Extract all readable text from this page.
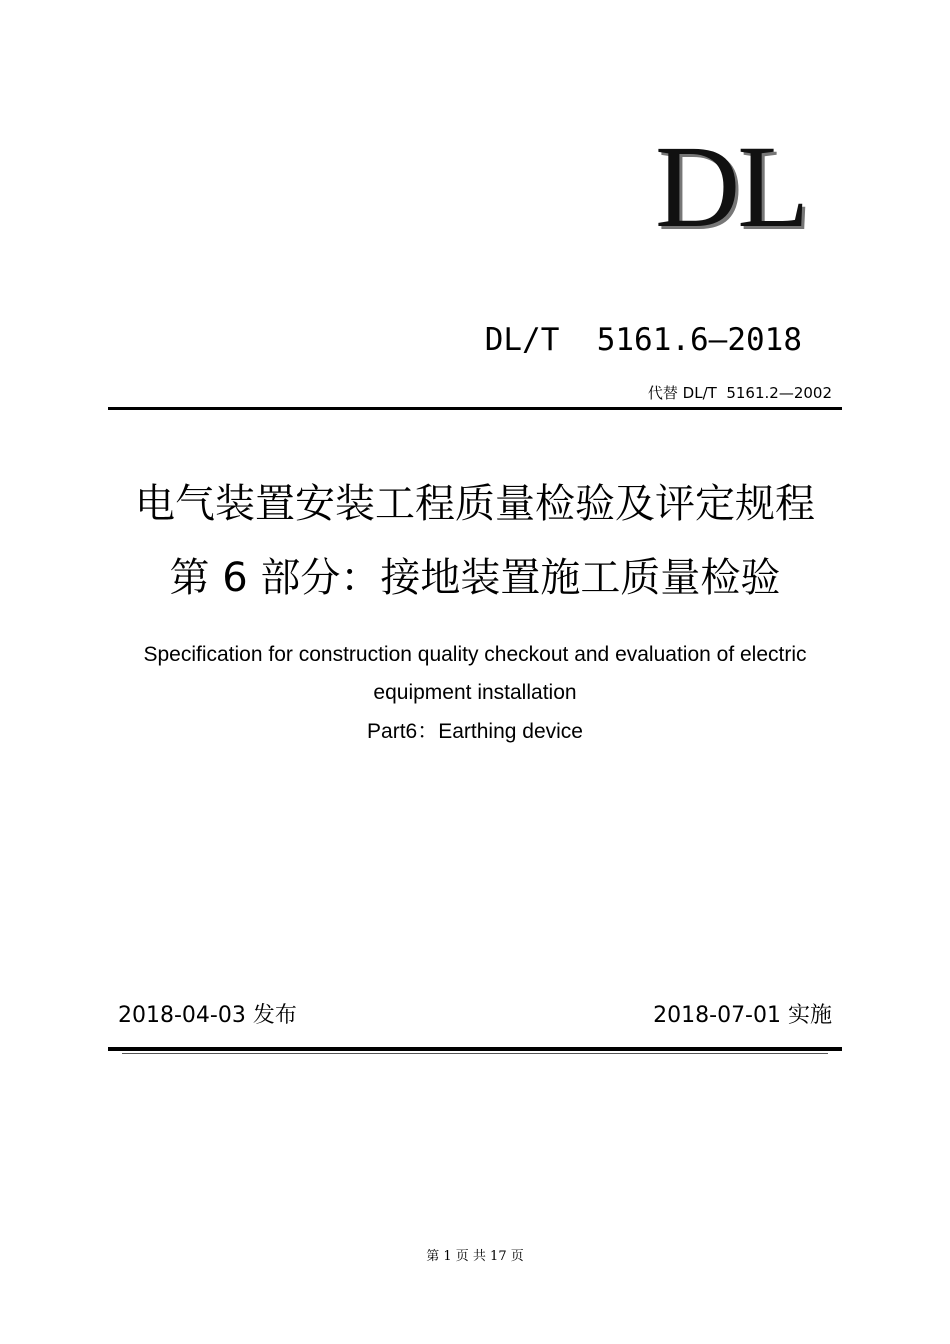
DL
DL/T  5161.6—2018
代替 DL/T  5161.2—2002
电气装置安装工程质量检验及评定规程
第 6 部分：接地装置施工质量检验
Specification for construction quality checkout and evaluation of electric
equipment installation
Part6：Earthing device
2018-04-03 发布	2018-07-01 实施
第 1 页 共 17 页
